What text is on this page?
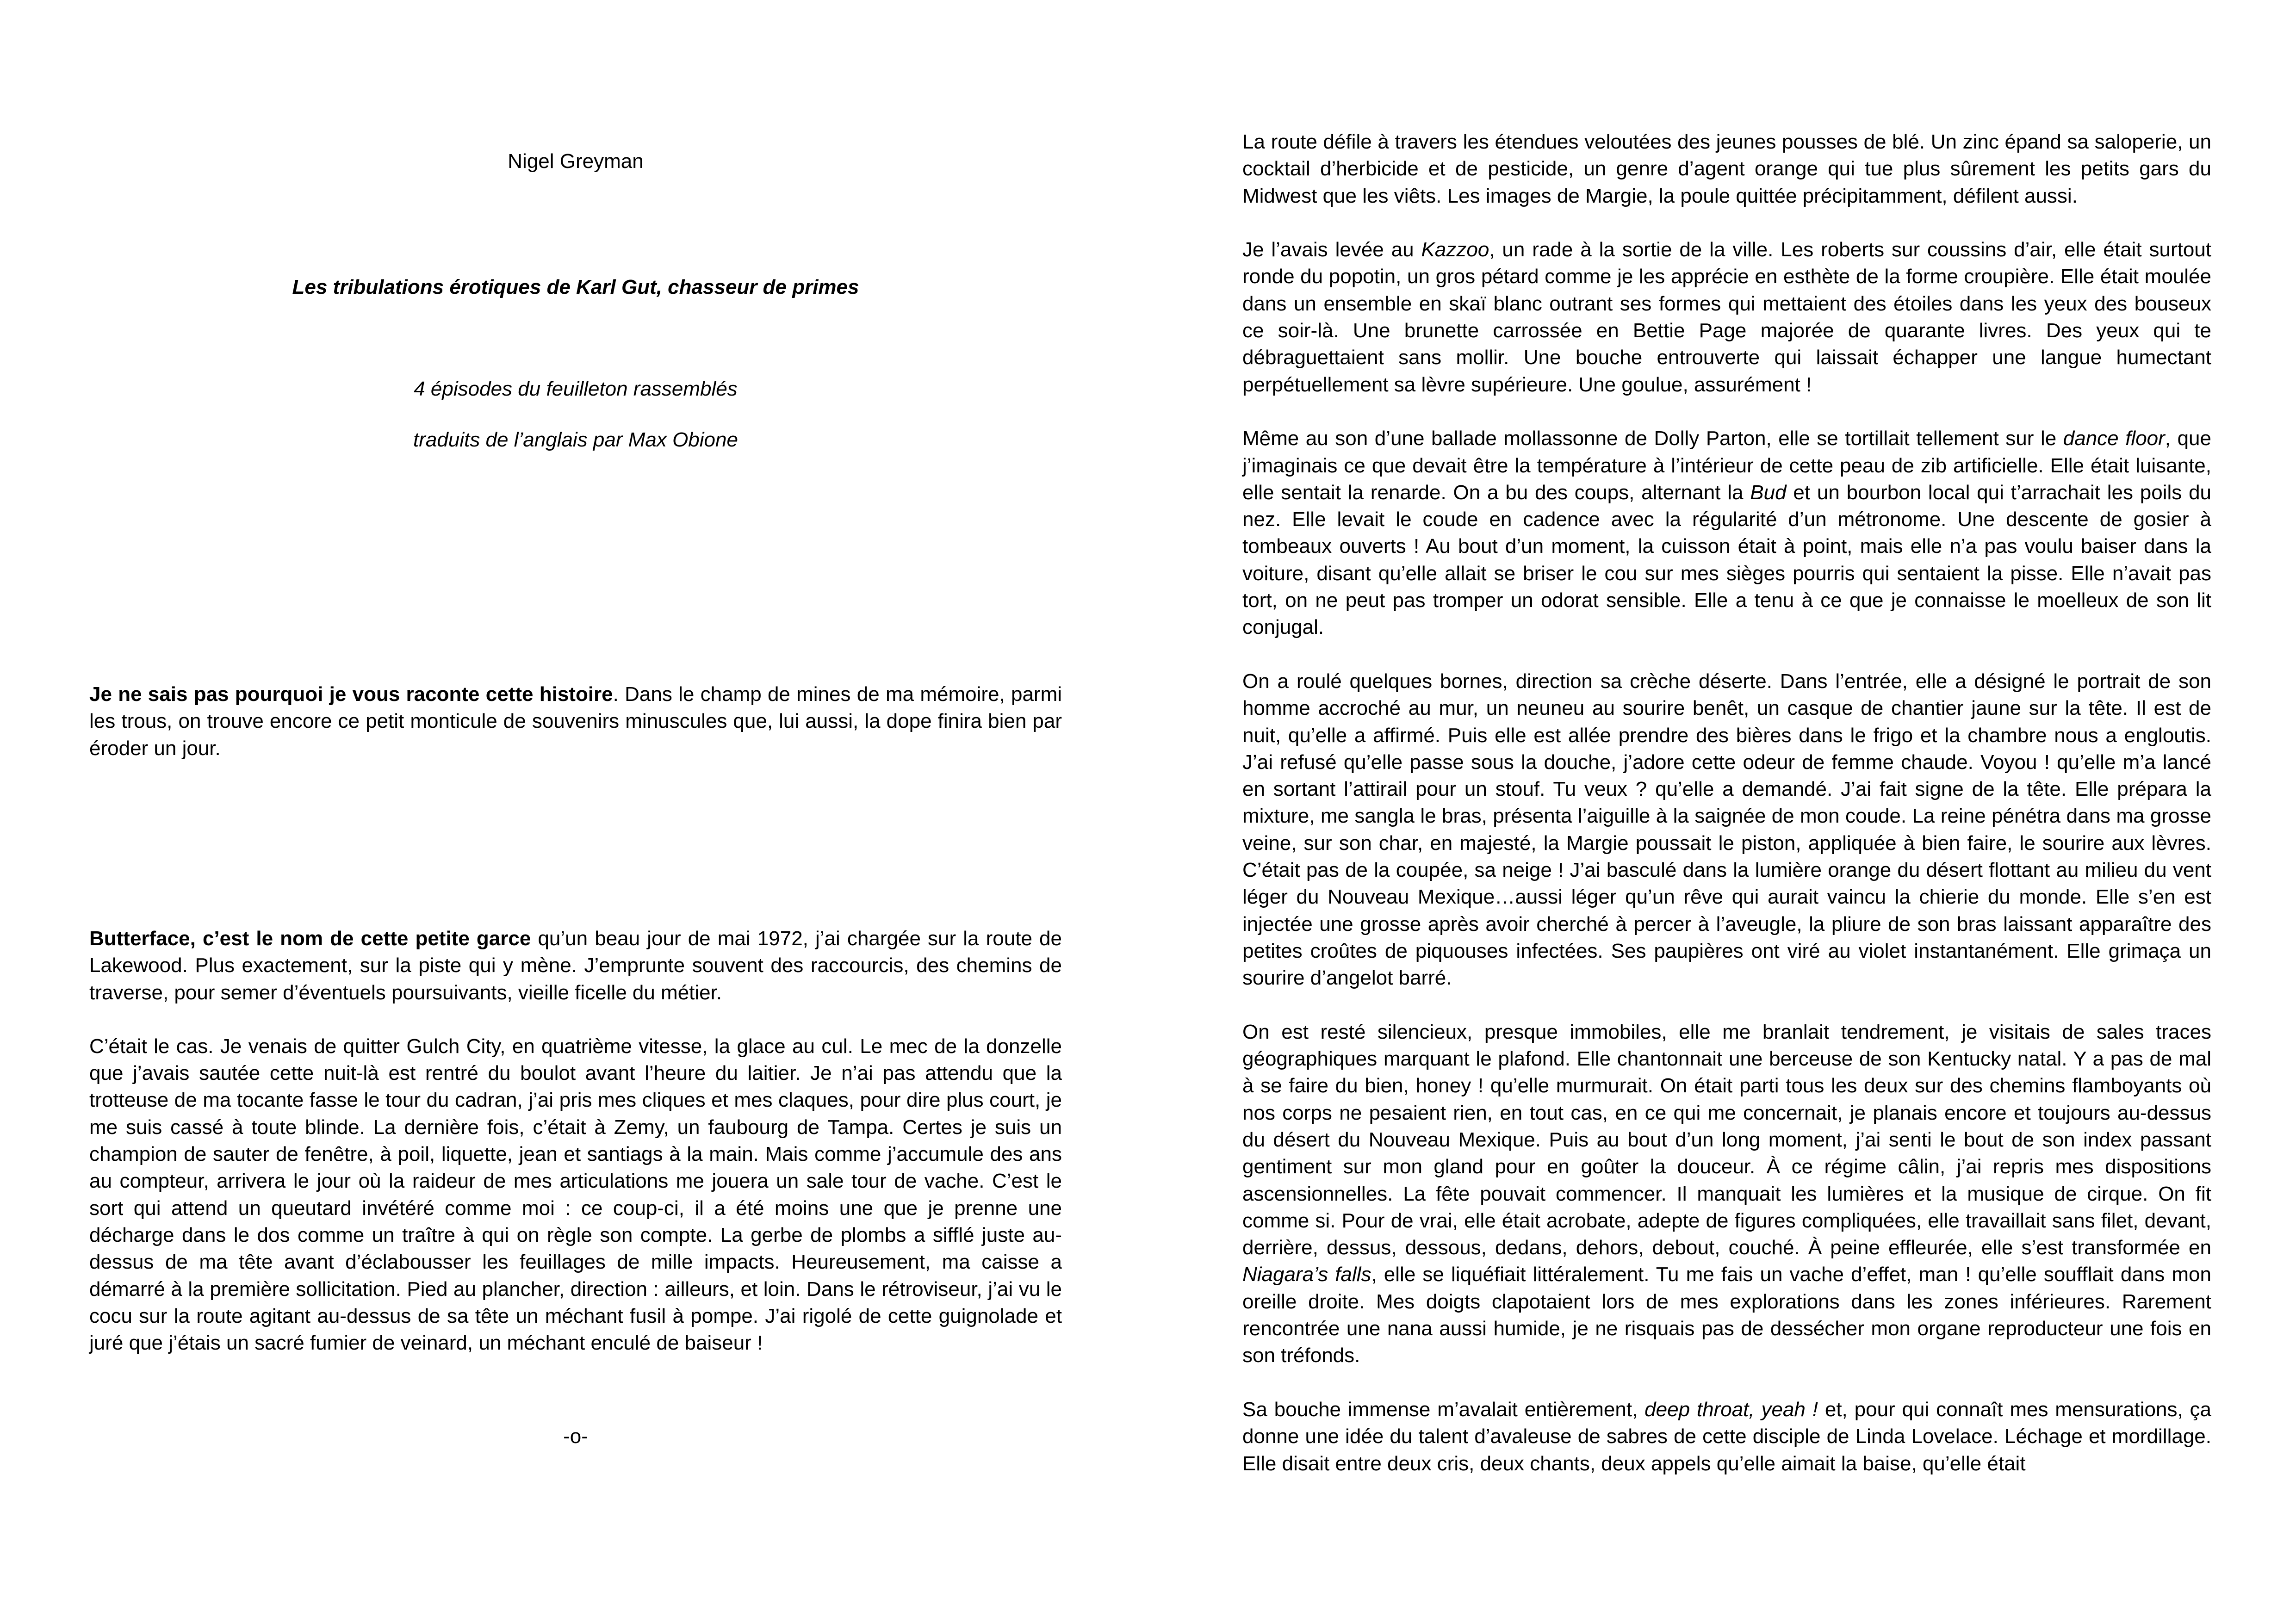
Nigel Greyman

Les tribulations érotiques de Karl Gut, chasseur de primes

4 épisodes du feuilleton rassemblés

traduits de l’anglais par Max Obione

Je ne sais pas pourquoi je vous raconte cette histoire. Dans le champ de mines de ma mémoire, parmi les trous, on trouve encore ce petit monticule de souvenirs minuscules que, lui aussi, la dope finira bien par éroder un jour.

Butterface, c’est le nom de cette petite garce qu’un beau jour de mai 1972, j’ai chargée sur la route de Lakewood. Plus exactement, sur la piste qui y mène. J’emprunte souvent des raccourcis, des chemins de traverse, pour semer d’éventuels poursuivants, vieille ficelle du métier.

C’était le cas. Je venais de quitter Gulch City, en quatrième vitesse, la glace au cul. Le mec de la donzelle que j’avais sautée cette nuit-là est rentré du boulot avant l’heure du laitier. Je n’ai pas attendu que la trotteuse de ma tocante fasse le tour du cadran, j’ai pris mes cliques et mes claques, pour dire plus court, je me suis cassé à toute blinde. La dernière fois, c’était à Zemy, un faubourg de Tampa. Certes je suis un champion de sauter de fenêtre, à poil, liquette, jean et santiags à la main. Mais comme j’accumule des ans au compteur, arrivera le jour où la raideur de mes articulations me jouera un sale tour de vache. C’est le sort qui attend un queutard invétéré comme moi : ce coup-ci, il a été moins une que je prenne une décharge dans le dos comme un traître à qui on règle son compte. La gerbe de plombs a sifflé juste au-dessus de ma tête avant d’éclabousser les feuillages de mille impacts. Heureusement, ma caisse a démarré à la première sollicitation. Pied au plancher, direction : ailleurs, et loin. Dans le rétroviseur, j’ai vu le cocu sur la route agitant au-dessus de sa tête un méchant fusil à pompe. J’ai rigolé de cette guignolade et juré que j’étais un sacré fumier de veinard, un méchant enculé de baiseur !

-o-

La route défile à travers les étendues veloutées des jeunes pousses de blé. Un zinc épand sa saloperie, un cocktail d’herbicide et de pesticide, un genre d’agent orange qui tue plus sûrement les petits gars du Midwest que les viêts. Les images de Margie, la poule quittée précipitamment, défilent aussi.

Je l’avais levée au Kazzoo, un rade à la sortie de la ville. Les roberts sur coussins d’air, elle était surtout ronde du popotin, un gros pétard comme je les apprécie en esthète de la forme croupière. Elle était moulée dans un ensemble en skaï blanc outrant ses formes qui mettaient des étoiles dans les yeux des bouseux ce soir-là. Une brunette carrossée en Bettie Page majorée de quarante livres. Des yeux qui te débraguettaient sans mollir. Une bouche entrouverte qui laissait échapper une langue humectant perpétuellement sa lèvre supérieure. Une goulue, assurément !

Même au son d’une ballade mollassonne de Dolly Parton, elle se tortillait tellement sur le dance floor, que j’imaginais ce que devait être la température à l’intérieur de cette peau de zib artificielle. Elle était luisante, elle sentait la renarde. On a bu des coups, alternant la Bud et un bourbon local qui t’arrachait les poils du nez. Elle levait le coude en cadence avec la régularité d’un métronome. Une descente de gosier à tombeaux ouverts ! Au bout d’un moment, la cuisson était à point, mais elle n’a pas voulu baiser dans la voiture, disant qu’elle allait se briser le cou sur mes sièges pourris qui sentaient la pisse. Elle n’avait pas tort, on ne peut pas tromper un odorat sensible. Elle a tenu à ce que je connaisse le moelleux de son lit conjugal.

On a roulé quelques bornes, direction sa crèche déserte. Dans l’entrée, elle a désigné le portrait de son homme accroché au mur, un neuneu au sourire benêt, un casque de chantier jaune sur la tête. Il est de nuit, qu’elle a affirmé. Puis elle est allée prendre des bières dans le frigo et la chambre nous a engloutis. J’ai refusé qu’elle passe sous la douche, j’adore cette odeur de femme chaude. Voyou ! qu’elle m’a lancé en sortant l’attirail pour un stouf. Tu veux ? qu’elle a demandé. J’ai fait signe de la tête. Elle prépara la mixture, me sangla le bras, présenta l’aiguille à la saignée de mon coude. La reine pénétra dans ma grosse veine, sur son char, en majesté, la Margie poussait le piston, appliquée à bien faire, le sourire aux lèvres. C’était pas de la coupée, sa neige ! J’ai basculé dans la lumière orange du désert flottant au milieu du vent léger du Nouveau Mexique…aussi léger qu’un rêve qui aurait vaincu la chierie du monde. Elle s’en est injectée une grosse après avoir cherché à percer à l’aveugle, la pliure de son bras laissant apparaître des petites croûtes de piquouses infectées. Ses paupières ont viré au violet instantanément. Elle grimaça un sourire d’angelot barré.

On est resté silencieux, presque immobiles, elle me branlait tendrement, je visitais de sales traces géographiques marquant le plafond. Elle chantonnait une berceuse de son Kentucky natal. Y a pas de mal à se faire du bien, honey ! qu’elle murmurait. On était parti tous les deux sur des chemins flamboyants où nos corps ne pesaient rien, en tout cas, en ce qui me concernait, je planais encore et toujours au-dessus du désert du Nouveau Mexique. Puis au bout d’un long moment, j’ai senti le bout de son index passant gentiment sur mon gland pour en goûter la douceur. À ce régime câlin, j’ai repris mes dispositions ascensionnelles. La fête pouvait commencer. Il manquait les lumières et la musique de cirque. On fit comme si. Pour de vrai, elle était acrobate, adepte de figures compliquées, elle travaillait sans filet, devant, derrière, dessus, dessous, dedans, dehors, debout, couché. À peine effleurée, elle s’est transformée en Niagara’s falls, elle se liquéfiait littéralement. Tu me fais un vache d’effet, man ! qu’elle soufflait dans mon oreille droite. Mes doigts clapotaient lors de mes explorations dans les zones inférieures. Rarement rencontrée une nana aussi humide, je ne risquais pas de dessécher mon organe reproducteur une fois en son tréfonds.

Sa bouche immense m’avalait entièrement, deep throat, yeah ! et, pour qui connaît mes mensurations, ça donne une idée du talent d’avaleuse de sabres de cette disciple de Linda Lovelace. Léchage et mordillage. Elle disait entre deux cris, deux chants, deux appels qu’elle aimait la baise, qu’elle était
